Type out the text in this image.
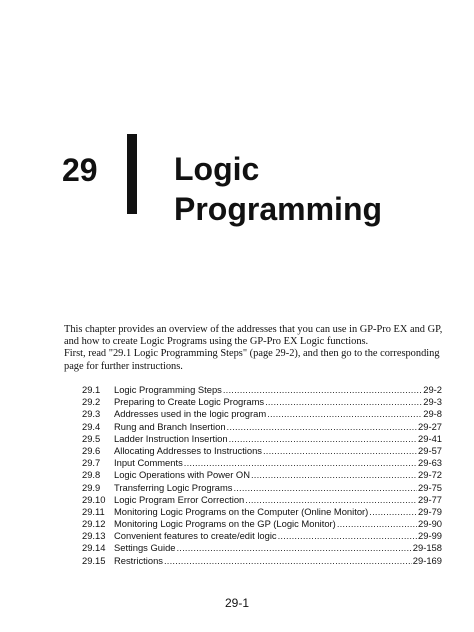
29 Logic
Programming

This chapter provides an overview of the addresses that you can use in GP-Pro EX and GP,

and how to create Logic Programs using the GP-Pro EX Logic functions.

First, read "29.1 Logic Programming Steps" (page 29-2), and then go to the corresponding

page for further instructions.

29.1	Logic Programming Steps .....	29-2
29.2	Preparing to Create Logic Programs .....	29-3
29.3	Addresses used in the logic program .....	29-8
29.4	Rung and Branch Insertion .....	29-27
29.5	Ladder Instruction Insertion .....	29-41
29.6	Allocating Addresses to Instructions .....	29-57
29.7	Input Comments .....	29-63
29.8	Logic Operations with Power ON .....	29-72
29.9	Transferring Logic Programs .....	29-75
29.10 Logic Program Error Correction .....	29-77
29.11 Monitoring Logic Programs on the Computer (Online Monitor) .....	29-79
29.12 Monitoring Logic Programs on the GP (Logic Monitor) .....	29-90
29.13 Convenient features to create/edit logic .....	29-99
29.14 Settings Guide .....	29-158
29.15 Restrictions .....	29-169
29-1
